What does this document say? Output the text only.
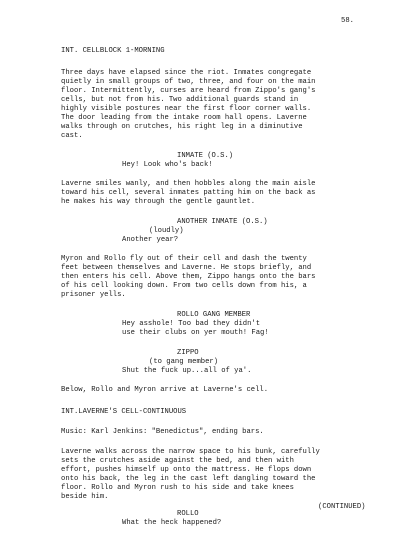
58.

INT. CELLBLOCK 1-MORNING

Three days have elapsed since the riot. Inmates congregate

quietly in small groups of two, three, and four on the main

floor. Intermittently, curses are heard from Zippo's gang's

cells, but not from his. Two additional guards stand in

highly visible postures near the first floor corner walls.

The door leading from the intake room hall opens. Laverne

walks through on crutches, his right leg in a diminutive

cast.

INMATE (O.S.)

Hey! Look who's back!

Laverne smiles wanly, and then hobbles along the main aisle

toward his cell, several inmates patting him on the back as

he makes his way through the gentle gauntlet.

ANOTHER INMATE (O.S.)

(loudly)

Another year?

Myron and Rollo fly out of their cell and dash the twenty

feet between themselves and Laverne. He stops briefly, and

then enters his cell. Above them, Zippo hangs onto the bars

of his cell looking down. From two cells down from his, a

prisoner yells.

ROLLO GANG MEMBER

Hey asshole! Too bad they didn't

use their clubs on yer mouth! Fag!

ZIPPO

(to gang member)

Shut the fuck up...all of ya'.

Below, Rollo and Myron arrive at Laverne's cell.

INT.LAVERNE'S CELL-CONTINUOUS

Music: Karl Jenkins: "Benedictus", ending bars.

Laverne walks across the narrow space to his bunk, carefully

sets the crutches aside against the bed, and then with

effort, pushes himself up onto the mattress. He flops down

onto his back, the leg in the cast left dangling toward the

floor. Rollo and Myron rush to his side and take knees

beside him.

ROLLO

What the heck happened?

(CONTINUED)
